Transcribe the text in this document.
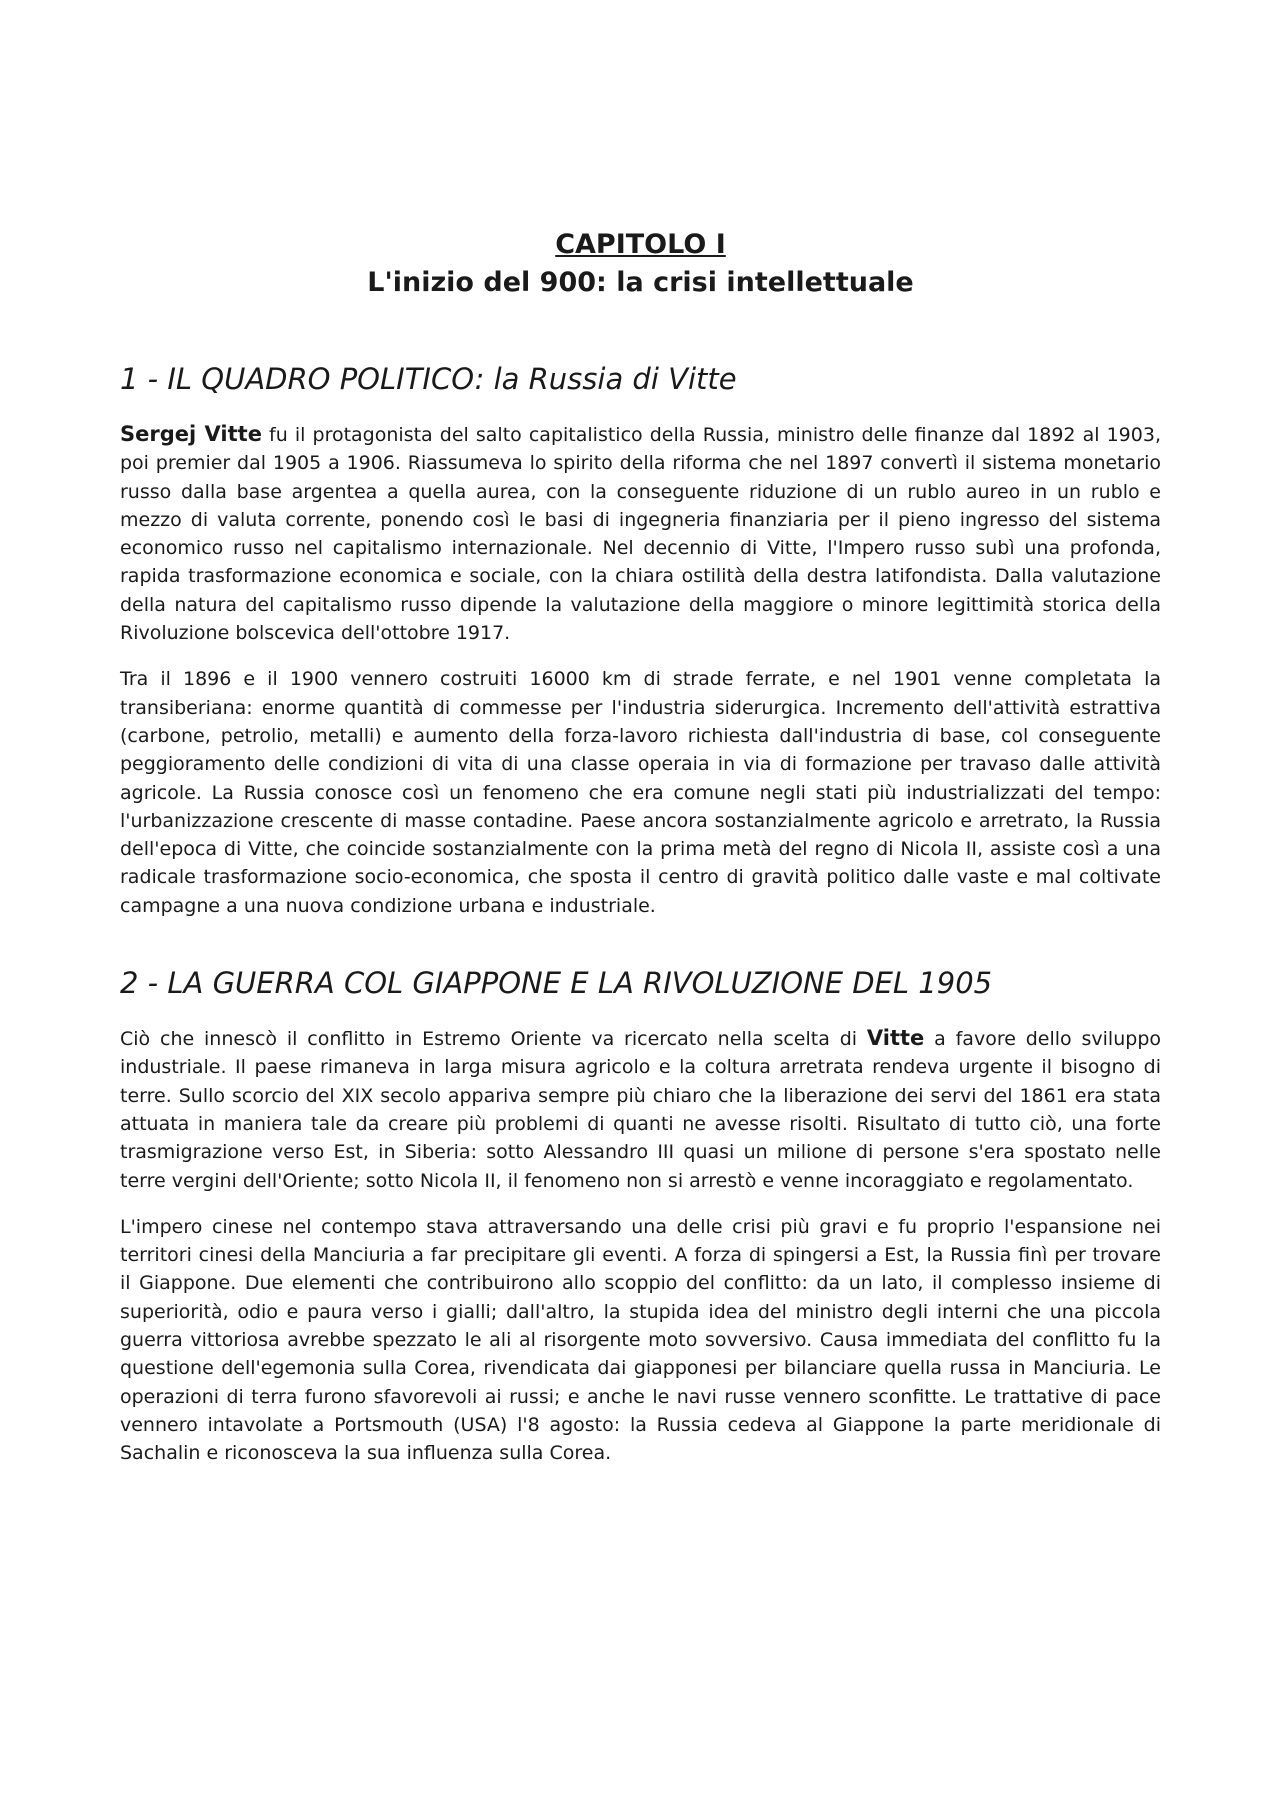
CAPITOLO I
L'inizio del 900: la crisi intellettuale
1 - IL QUADRO POLITICO: la Russia di Vitte

Sergej Vitte fu il protagonista del salto capitalistico della Russia, ministro delle finanze dal 1892 al 1903, poi premier dal 1905 a 1906. Riassumeva lo spirito della riforma che nel 1897 convertì il sistema monetario russo dalla base argentea a quella aurea, con la conseguente riduzione di un rublo aureo in un rublo e mezzo di valuta corrente, ponendo così le basi di ingegneria finanziaria per il pieno ingresso del sistema economico russo nel capitalismo internazionale. Nel decennio di Vitte, l'Impero russo subì una profonda, rapida trasformazione economica e sociale, con la chiara ostilità della destra latifondista. Dalla valutazione della natura del capitalismo russo dipende la valutazione della maggiore o minore legittimità storica della Rivoluzione bolscevica dell'ottobre 1917.

Tra il 1896 e il 1900 vennero costruiti 16000 km di strade ferrate, e nel 1901 venne completata la transiberiana: enorme quantità di commesse per l'industria siderurgica. Incremento dell'attività estrattiva (carbone, petrolio, metalli) e aumento della forza-lavoro richiesta dall'industria di base, col conseguente peggioramento delle condizioni di vita di una classe operaia in via di formazione per travaso dalle attività agricole. La Russia conosce così un fenomeno che era comune negli stati più industrializzati del tempo: l'urbanizzazione crescente di masse contadine. Paese ancora sostanzialmente agricolo e arretrato, la Russia dell'epoca di Vitte, che coincide sostanzialmente con la prima metà del regno di Nicola II, assiste così a una radicale trasformazione socio-economica, che sposta il centro di gravità politico dalle vaste e mal coltivate campagne a una nuova condizione urbana e industriale.

2 - LA GUERRA COL GIAPPONE E LA RIVOLUZIONE DEL 1905

Ciò che innescò il conflitto in Estremo Oriente va ricercato nella scelta di Vitte a favore dello sviluppo industriale. Il paese rimaneva in larga misura agricolo e la coltura arretrata rendeva urgente il bisogno di terre. Sullo scorcio del XIX secolo appariva sempre più chiaro che la liberazione dei servi del 1861 era stata attuata in maniera tale da creare più problemi di quanti ne avesse risolti. Risultato di tutto ciò, una forte trasmigrazione verso Est, in Siberia: sotto Alessandro III quasi un milione di persone s'era spostato nelle terre vergini dell'Oriente; sotto Nicola II, il fenomeno non si arrestò e venne incoraggiato e regolamentato.

L'impero cinese nel contempo stava attraversando una delle crisi più gravi e fu proprio l'espansione nei territori cinesi della Manciuria a far precipitare gli eventi. A forza di spingersi a Est, la Russia finì per trovare il Giappone. Due elementi che contribuirono allo scoppio del conflitto: da un lato, il complesso insieme di superiorità, odio e paura verso i gialli; dall'altro, la stupida idea del ministro degli interni che una piccola guerra vittoriosa avrebbe spezzato le ali al risorgente moto sovversivo. Causa immediata del conflitto fu la questione dell'egemonia sulla Corea, rivendicata dai giapponesi per bilanciare quella russa in Manciuria. Le operazioni di terra furono sfavorevoli ai russi; e anche le navi russe vennero sconfitte. Le trattative di pace vennero intavolate a Portsmouth (USA) l'8 agosto: la Russia cedeva al Giappone la parte meridionale di Sachalin e riconosceva la sua influenza sulla Corea.
